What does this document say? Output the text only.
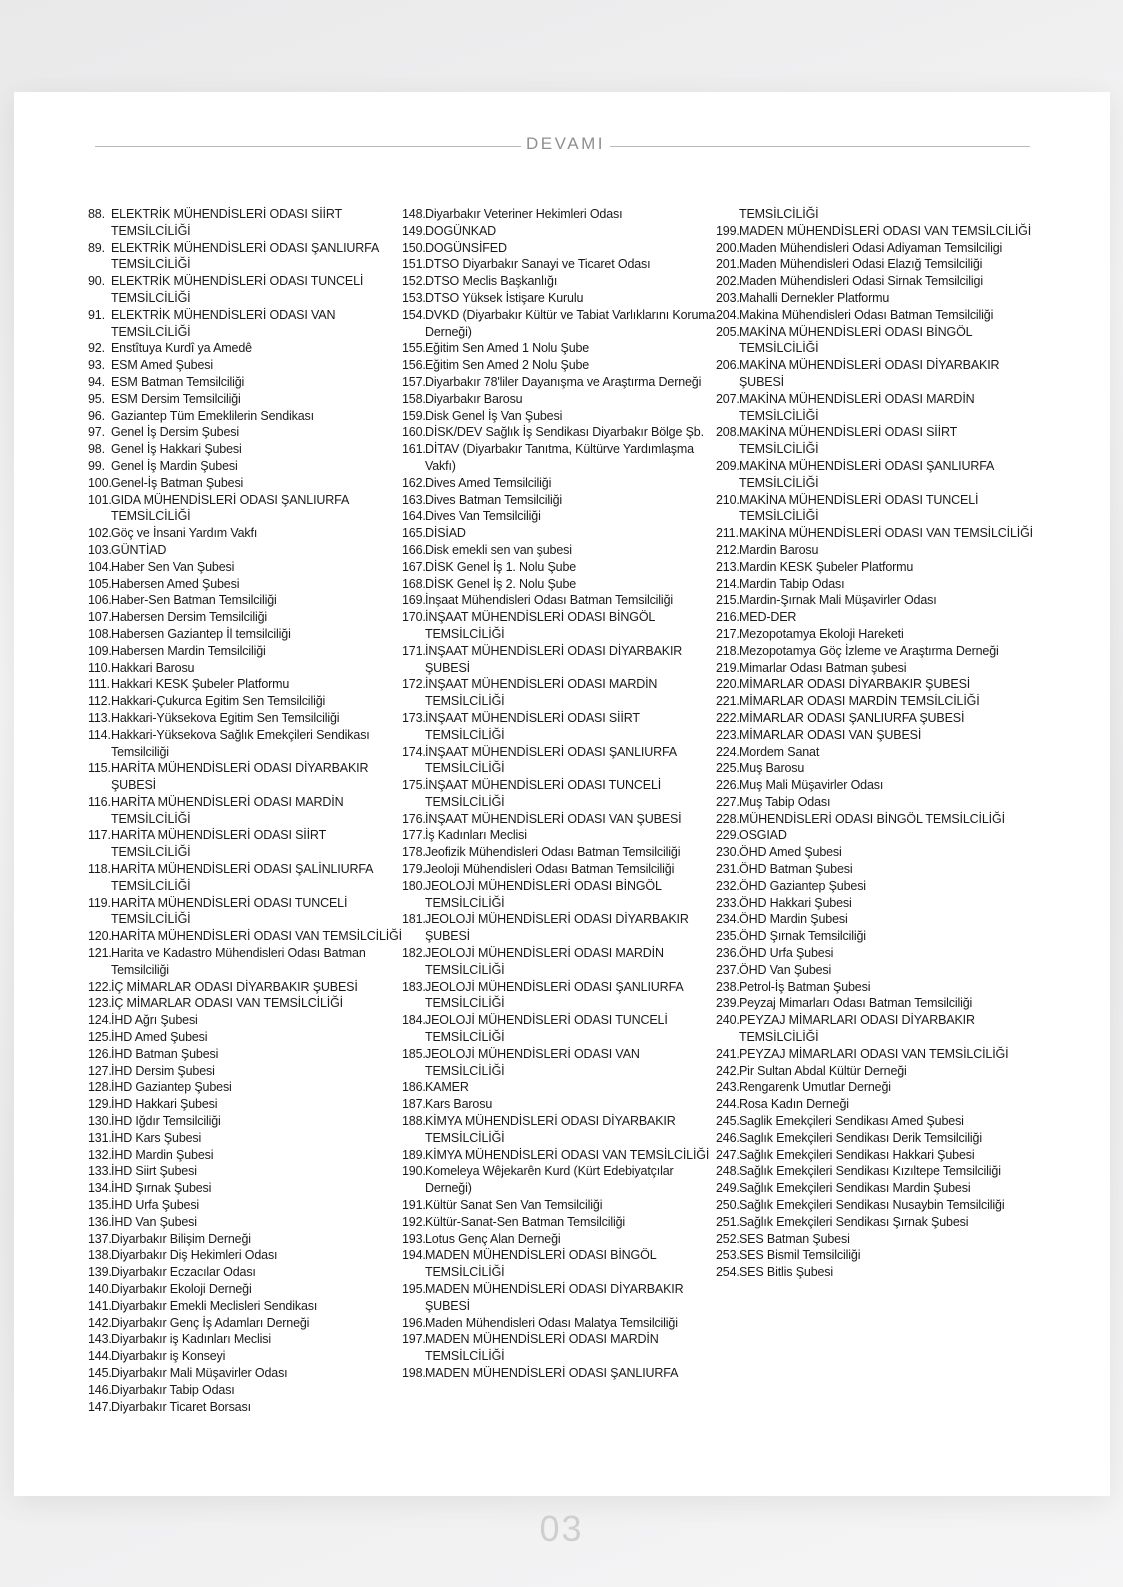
DEVAMI
88. ELEKTRİK MÜHENDİSLERİ ODASI SİİRT TEMSİLCİLİĞİ
89. ELEKTRİK MÜHENDİSLERİ ODASI ŞANLIURFA TEMSİLCİLİĞİ
90. ELEKTRİK MÜHENDİSLERİ ODASI TUNCELİ TEMSİLCİLİĞİ
91. ELEKTRİK MÜHENDİSLERİ ODASI VAN TEMSİLCİLİĞİ
92. Enstîtuya Kurdî ya Amedê
93. ESM Amed Şubesi
94. ESM Batman Temsilciliği
95. ESM Dersim Temsilciliği
96. Gaziantep Tüm Emeklilerin Sendikası
97. Genel İş Dersim Şubesi
98. Genel İş Hakkari Şubesi
99. Genel İş Mardin Şubesi
100. Genel-İş Batman Şubesi
101. GIDA MÜHENDİSLERİ ODASI ŞANLIURFA TEMSİLCİLİĞİ
102. Göç ve İnsani Yardım Vakfı
103. GÜNTİAD
104. Haber Sen Van Şubesi
105. Habersen Amed Şubesi
106. Haber-Sen Batman Temsilciliği
107. Habersen Dersim Temsilciliği
108. Habersen Gaziantep İl temsilciliği
109. Habersen Mardin Temsilciliği
110. Hakkari Barosu
111. Hakkari KESK Şubeler Platformu
112. Hakkari-Çukurca Egitim Sen Temsilciliği
113. Hakkari-Yüksekova Egitim Sen Temsilciliği
114. Hakkari-Yüksekova Sağlık Emekçileri Sendikası Temsilciliği
115. HARİTA MÜHENDİSLERİ ODASI DİYARBAKIR ŞUBESİ
116. HARİTA MÜHENDİSLERİ ODASI MARDİN TEMSİLCİLİĞİ
117. HARİTA MÜHENDİSLERİ ODASI SİİRT TEMSİLCİLİĞİ
118. HARİTA MÜHENDİSLERİ ODASI ŞALİNLIURFA TEMSİLCİLİĞİ
119. HARİTA MÜHENDİSLERİ ODASI TUNCELİ TEMSİLCİLİĞİ
120. HARİTA MÜHENDİSLERİ ODASI VAN TEMSİLCİLİĞİ
121. Harita ve Kadastro Mühendisleri Odası Batman Temsilciliği
122. İÇ MİMARLAR ODASI DİYARBAKIR ŞUBESİ
123. İÇ MİMARLAR ODASI VAN TEMSİLCİLİĞİ
124. İHD Ağrı Şubesi
125. İHD Amed Şubesi
126. İHD Batman Şubesi
127. İHD Dersim Şubesi
128. İHD Gaziantep Şubesi
129. İHD Hakkari Şubesi
130. İHD Iğdır Temsilciliği
131. İHD Kars Şubesi
132. İHD Mardin Şubesi
133. İHD Siirt Şubesi
134. İHD Şırnak Şubesi
135. İHD Urfa Şubesi
136. İHD Van Şubesi
137. Diyarbakır Bilişim Derneği
138. Diyarbakır Diş Hekimleri Odası
139. Diyarbakır Eczacılar Odası
140. Diyarbakır Ekoloji Derneği
141. Diyarbakır Emekli Meclisleri Sendikası
142. Diyarbakır Genç İş Adamları Derneği
143. Diyarbakır iş Kadınları Meclisi
144. Diyarbakır iş Konseyi
145. Diyarbakır Mali Müşavirler Odası
146. Diyarbakır Tabip Odası
147. Diyarbakır Ticaret Borsası
148. Diyarbakır Veteriner Hekimleri Odası
149. DOGÜNKAD
150. DOGÜNSİFED
151. DTSO Diyarbakır Sanayi ve Ticaret Odası
152. DTSO Meclis Başkanlığı
153. DTSO Yüksek İstişare Kurulu
154. DVKD (Diyarbakır Kültür ve Tabiat Varlıklarını Koruma Derneği)
155. Eğitim Sen Amed 1 Nolu Şube
156. Eğitim Sen Amed 2 Nolu Şube
157. Diyarbakır 78'liler Dayanışma ve Araştırma Derneği
158. Diyarbakır Barosu
159. Disk Genel İş Van Şubesi
160. DİSK/DEV Sağlık İş Sendikası Diyarbakır Bölge Şb.
161. DİTAV (Diyarbakır Tanıtma, Kültürve Yardımlaşma Vakfı)
162. Dives Amed Temsilciliği
163. Dives Batman Temsilciliği
164. Dives Van Temsilciliği
165. DİSİAD
166. Disk emekli sen van şubesi
167. DİSK Genel İş 1. Nolu Şube
168. DİSK Genel İş 2. Nolu Şube
169. İnşaat Mühendisleri Odası Batman Temsilciliği
170. İNŞAAT MÜHENDİSLERİ ODASI BİNGÖL TEMSİLCİLİĞİ
171. İNŞAAT MÜHENDİSLERİ ODASI DİYARBAKIR ŞUBESİ
172. İNŞAAT MÜHENDİSLERİ ODASI MARDİN TEMSİLCİLİĞİ
173. İNŞAAT MÜHENDİSLERİ ODASI SİİRT TEMSİLCİLİĞİ
174. İNŞAAT MÜHENDİSLERİ ODASI ŞANLIURFA TEMSİLCİLİĞİ
175. İNŞAAT MÜHENDİSLERİ ODASI TUNCELİ TEMSİLCİLİĞİ
176. İNŞAAT MÜHENDİSLERİ ODASI VAN ŞUBESİ
177. İş Kadınları Meclisi
178. Jeofizik Mühendisleri Odası Batman Temsilciliği
179. Jeoloji Mühendisleri Odası Batman Temsilciliği
180. JEOLOJİ MÜHENDİSLERİ ODASI BİNGÖL TEMSİLCİLİĞİ
181. JEOLOJİ MÜHENDİSLERİ ODASI DİYARBAKIR ŞUBESİ
182. JEOLOJİ MÜHENDİSLERİ ODASI MARDİN TEMSİLCİLİĞİ
183. JEOLOJİ MÜHENDİSLERİ ODASI ŞANLIURFA TEMSİLCİLİĞİ
184. JEOLOJİ MÜHENDİSLERİ ODASI TUNCELİ TEMSİLCİLİĞİ
185. JEOLOJİ MÜHENDİSLERİ ODASI VAN TEMSİLCİLİĞİ
186. KAMER
187. Kars Barosu
188. KİMYA MÜHENDİSLERİ ODASI DİYARBAKIR TEMSİLCİLİĞİ
189. KİMYA MÜHENDİSLERİ ODASI VAN TEMSİLCİLİĞİ
190. Komeleya Wêjekarên Kurd (Kürt Edebiyatçılar Derneği)
191. Kültür Sanat Sen Van Temsilciliği
192. Kültür-Sanat-Sen Batman Temsilciliği
193. Lotus Genç Alan Derneği
194. MADEN MÜHENDİSLERİ ODASI BİNGÖL TEMSİLCİLİĞİ
195. MADEN MÜHENDİSLERİ ODASI DİYARBAKIR ŞUBESİ
196. Maden Mühendisleri Odası Malatya Temsilciliği
197. MADEN MÜHENDİSLERİ ODASI MARDİN TEMSİLCİLİĞİ
198. MADEN MÜHENDİSLERİ ODASI ŞANLIURFA
TEMSİLCİLİĞİ
199. MADEN MÜHENDİSLERİ ODASI VAN TEMSİLCİLİĞİ
200. Maden Mühendisleri Odasi Adiyaman Temsilciligi
201. Maden Mühendisleri Odasi Elazığ Temsilciliği
202. Maden Mühendisleri Odasi Sirnak Temsilciligi
203. Mahalli Dernekler Platformu
204. Makina Mühendisleri Odası Batman Temsilciliği
205. MAKİNA MÜHENDİSLERİ ODASI BİNGÖL TEMSİLCİLİĞİ
206. MAKİNA MÜHENDİSLERİ ODASI DİYARBAKIR ŞUBESİ
207. MAKİNA MÜHENDİSLERİ ODASI MARDİN TEMSİLCİLİĞİ
208. MAKİNA MÜHENDİSLERİ ODASI SİİRT TEMSİLCİLİĞİ
209. MAKİNA MÜHENDİSLERİ ODASI ŞANLIURFA TEMSİLCİLİĞİ
210. MAKİNA MÜHENDİSLERİ ODASI TUNCELİ TEMSİLCİLİĞİ
211. MAKİNA MÜHENDİSLERİ ODASI VAN TEMSİLCİLİĞİ
212. Mardin Barosu
213. Mardin KESK Şubeler Platformu
214. Mardin Tabip Odası
215. Mardin-Şırnak Mali Müşavirler Odası
216. MED-DER
217. Mezopotamya Ekoloji Hareketi
218. Mezopotamya Göç İzleme ve Araştırma Derneği
219. Mimarlar Odası Batman şubesi
220. MİMARLAR ODASI DİYARBAKIR ŞUBESİ
221. MİMARLAR ODASI MARDİN TEMSİLCİLİĞİ
222. MİMARLAR ODASI ŞANLIURFA ŞUBESİ
223. MİMARLAR ODASI VAN ŞUBESİ
224. Mordem Sanat
225. Muş Barosu
226. Muş Mali Müşavirler Odası
227. Muş Tabip Odası
228. MÜHENDİSLERİ ODASI BİNGÖL TEMSİLCİLİĞİ
229. OSGIAD
230. ÖHD Amed Şubesi
231. ÖHD Batman Şubesi
232. ÖHD Gaziantep Şubesi
233. ÖHD Hakkari Şubesi
234. ÖHD Mardin Şubesi
235. ÖHD Şırnak Temsilciliği
236. ÖHD Urfa Şubesi
237. ÖHD Van Şubesi
238. Petrol-İş Batman Şubesi
239. Peyzaj Mimarları Odası Batman Temsilciliği
240. PEYZAJ MİMARLARI ODASI DİYARBAKIR TEMSİLCİLİĞİ
241. PEYZAJ MİMARLARI ODASI VAN TEMSİLCİLİĞİ
242. Pir Sultan Abdal Kültür Derneği
243. Rengarenk Umutlar Derneği
244. Rosa Kadın Derneği
245. Saglik Emekçileri Sendikası Amed Şubesi
246. Saglık Emekçileri Sendikası Derik Temsilciliği
247. Sağlık Emekçileri Sendikası Hakkari Şubesi
248. Sağlık Emekçileri Sendikası Kızıltepe Temsilciliği
249. Sağlık Emekçileri Sendikası Mardin Şubesi
250. Sağlık Emekçileri Sendikası Nusaybin Temsilciliği
251. Sağlık Emekçileri Sendikası Şırnak Şubesi
252. SES Batman Şubesi
253. SES Bismil Temsilciliği
254. SES Bitlis Şubesi
03
